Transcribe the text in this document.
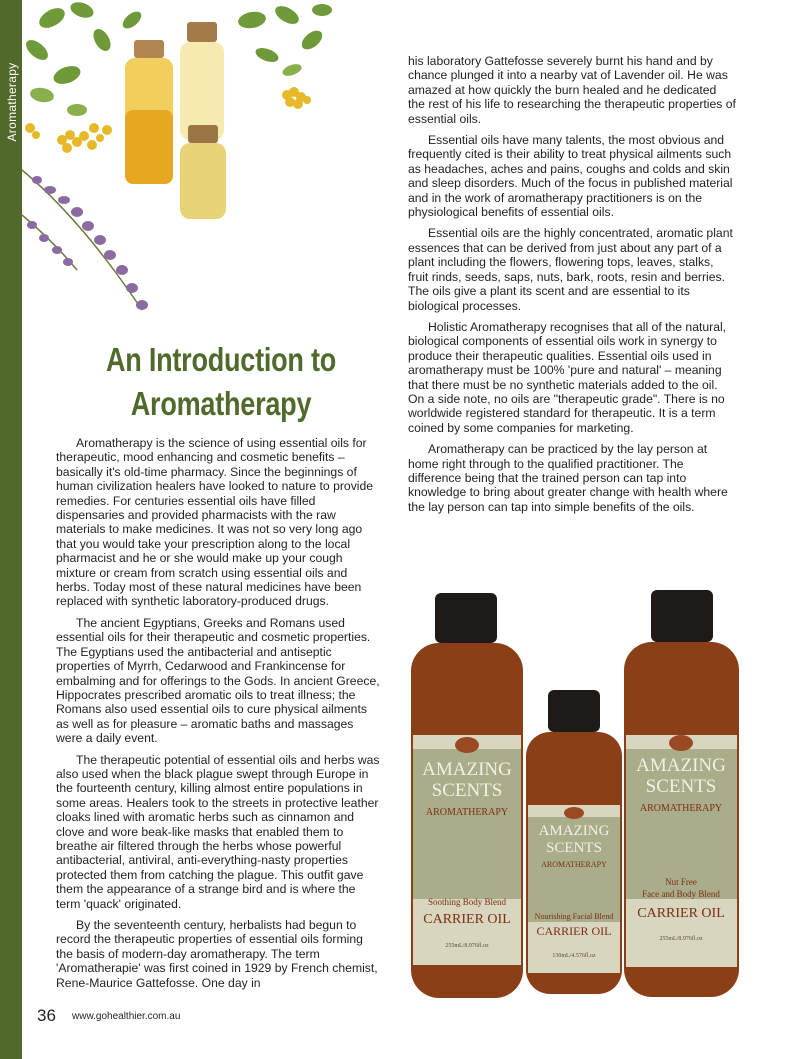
Aromatherapy
An Introduction to Aromatherapy

Aromatherapy is the science of using essential oils for therapeutic, mood enhancing and cosmetic benefits – basically it's old-time pharmacy. Since the beginnings of human civilization healers have looked to nature to provide remedies. For centuries essential oils have filled dispensaries and provided pharmacists with the raw materials to make medicines. It was not so very long ago that you would take your prescription along to the local pharmacist and he or she would make up your cough mixture or cream from scratch using essential oils and herbs. Today most of these natural medicines have been replaced with synthetic laboratory-produced drugs.

The ancient Egyptians, Greeks and Romans used essential oils for their therapeutic and cosmetic properties. The Egyptians used the antibacterial and antiseptic properties of Myrrh, Cedarwood and Frankincense for embalming and for offerings to the Gods. In ancient Greece, Hippocrates prescribed aromatic oils to treat illness; the Romans also used essential oils to cure physical ailments as well as for pleasure – aromatic baths and massages were a daily event.

The therapeutic potential of essential oils and herbs was also used when the black plague swept through Europe in the fourteenth century, killing almost entire populations in some areas. Healers took to the streets in protective leather cloaks lined with aromatic herbs such as cinnamon and clove and wore beak-like masks that enabled them to breathe air filtered through the herbs whose powerful antibacterial, antiviral, anti-everything-nasty properties protected them from catching the plague. This outfit gave them the appearance of a strange bird and is where the term 'quack' originated.

By the seventeenth century, herbalists had begun to record the therapeutic properties of essential oils forming the basis of modern-day aromatherapy. The term 'Aromatherapie' was first coined in 1929 by French chemist, Rene-Maurice Gattefosse. One day in

his laboratory Gattefosse severely burnt his hand and by chance plunged it into a nearby vat of Lavender oil. He was amazed at how quickly the burn healed and he dedicated the rest of his life to researching the therapeutic properties of essential oils.

Essential oils have many talents, the most obvious and frequently cited is their ability to treat physical ailments such as headaches, aches and pains, coughs and colds and skin and sleep disorders. Much of the focus in published material and in the work of aromatherapy practitioners is on the physiological benefits of essential oils.

Essential oils are the highly concentrated, aromatic plant essences that can be derived from just about any part of a plant including the flowers, flowering tops, leaves, stalks, fruit rinds, seeds, saps, nuts, bark, roots, resin and berries. The oils give a plant its scent and are essential to its biological processes.

Holistic Aromatherapy recognises that all of the natural, biological components of essential oils work in synergy to produce their therapeutic qualities. Essential oils used in aromatherapy must be 100% 'pure and natural' – meaning that there must be no synthetic materials added to the oil. On a side note, no oils are "therapeutic grade". There is no worldwide registered standard for therapeutic. It is a term coined by some companies for marketing.

Aromatherapy can be practiced by the lay person at home right through to the qualified practitioner. The difference being that the trained person can tap into knowledge to bring about greater change with health where the lay person can tap into simple benefits of the oils.

AMAZING
SCENTS
AROMATHERAPY
Soothing Body Blend
CARRIER OIL
255mL/8.976fl.oz
AMAZING
SCENTS
AROMATHERAPY
Nourishing Facial Blend
CARRIER OIL
130mL/4.576fl.oz
AMAZING
SCENTS
AROMATHERAPY
Nut Free
Face and Body Blend
CARRIER OIL
255mL/8.976fl.oz
36 www.gohealthier.com.au
